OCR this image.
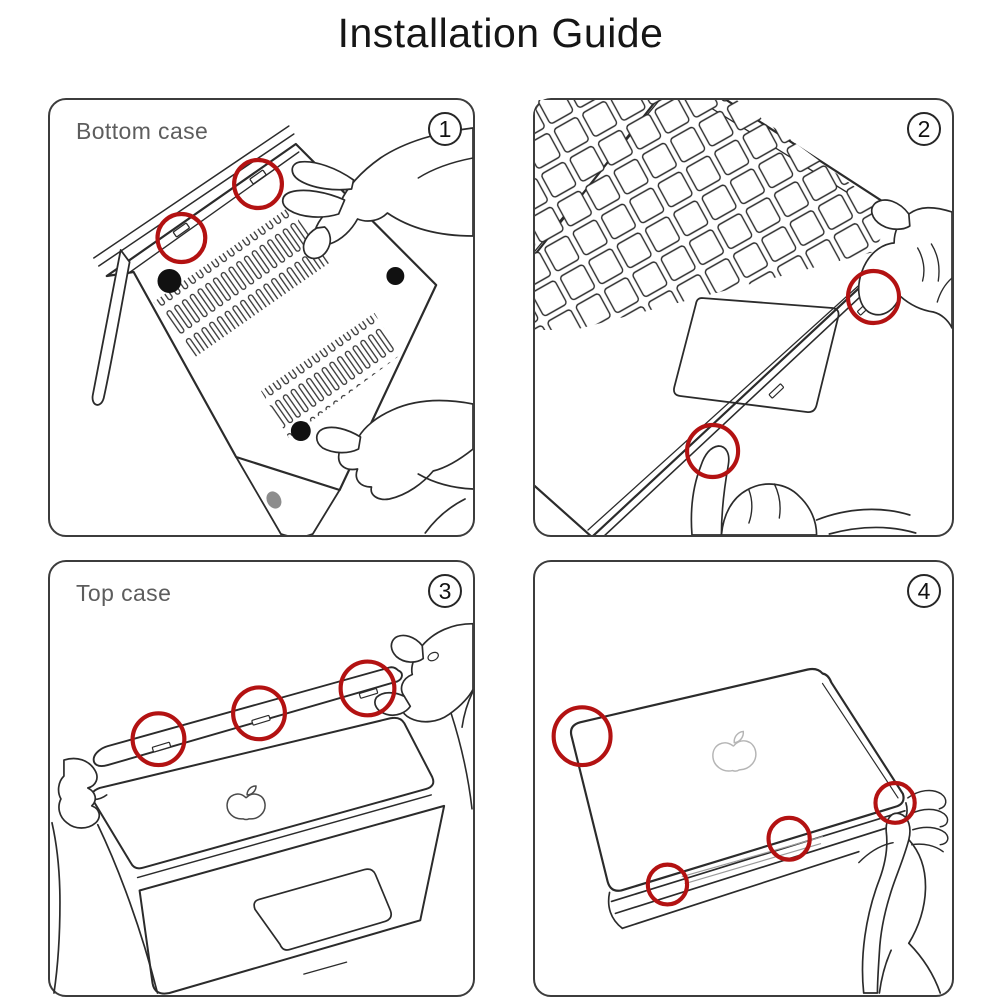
Installation Guide
Bottom case	1	2
Top case	3	4
